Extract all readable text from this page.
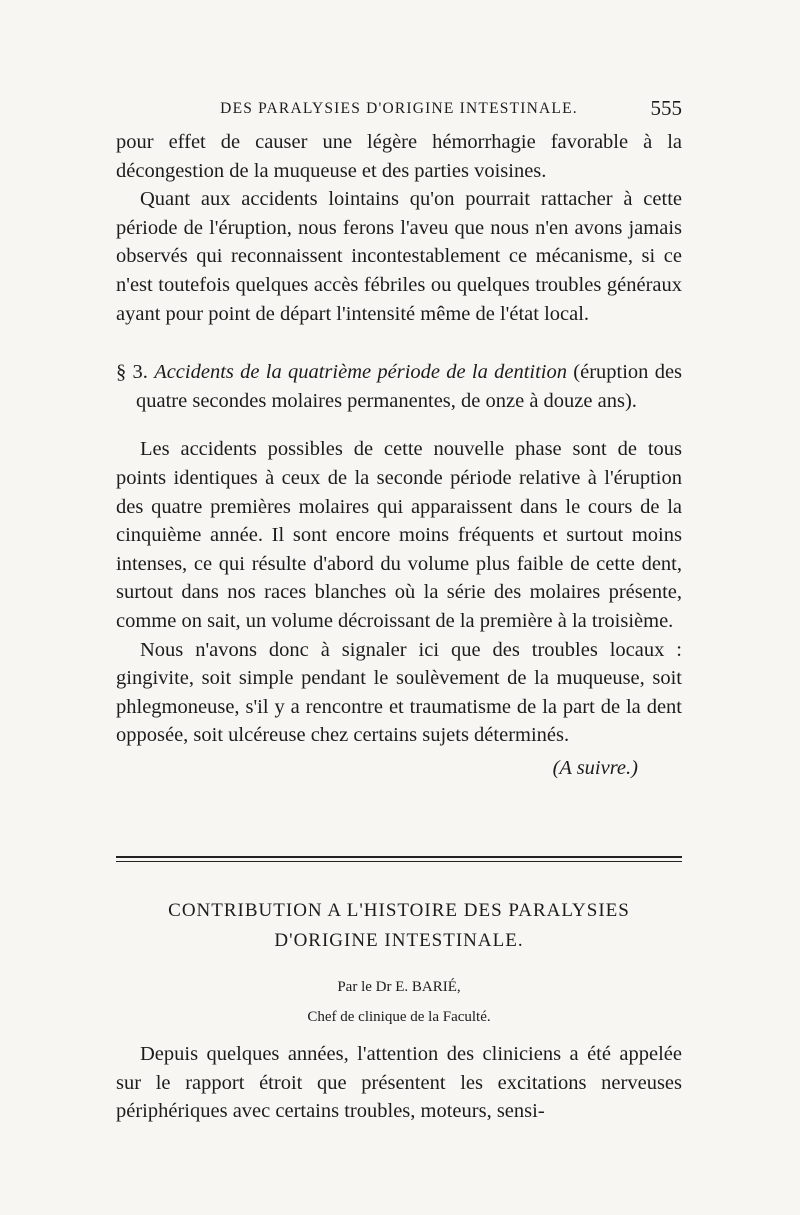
DES PARALYSIES D'ORIGINE INTESTINALE.	555

pour effet de causer une légère hémorrhagie favorable à la décongestion de la muqueuse et des parties voisines.

Quant aux accidents lointains qu'on pourrait rattacher à cette période de l'éruption, nous ferons l'aveu que nous n'en avons jamais observés qui reconnaissent incontestablement ce mécanisme, si ce n'est toutefois quelques accès fébriles ou quelques troubles généraux ayant pour point de départ l'intensité même de l'état local.

§ 3. Accidents de la quatrième période de la dentition (éruption des quatre secondes molaires permanentes, de onze à douze ans).

Les accidents possibles de cette nouvelle phase sont de tous points identiques à ceux de la seconde période relative à l'éruption des quatre premières molaires qui apparaissent dans le cours de la cinquième année. Il sont encore moins fréquents et surtout moins intenses, ce qui résulte d'abord du volume plus faible de cette dent, surtout dans nos races blanches où la série des molaires présente, comme on sait, un volume décroissant de la première à la troisième.

Nous n'avons donc à signaler ici que des troubles locaux : gingivite, soit simple pendant le soulèvement de la muqueuse, soit phlegmoneuse, s'il y a rencontre et traumatisme de la part de la dent opposée, soit ulcéreuse chez certains sujets déterminés.

(A suivre.)

CONTRIBUTION A L'HISTOIRE DES PARALYSIES
D'ORIGINE INTESTINALE.
Par le Dr E. BARIÉ,
Chef de clinique de la Faculté.

Depuis quelques années, l'attention des cliniciens a été appelée sur le rapport étroit que présentent les excitations nerveuses périphériques avec certains troubles, moteurs, sensi-
